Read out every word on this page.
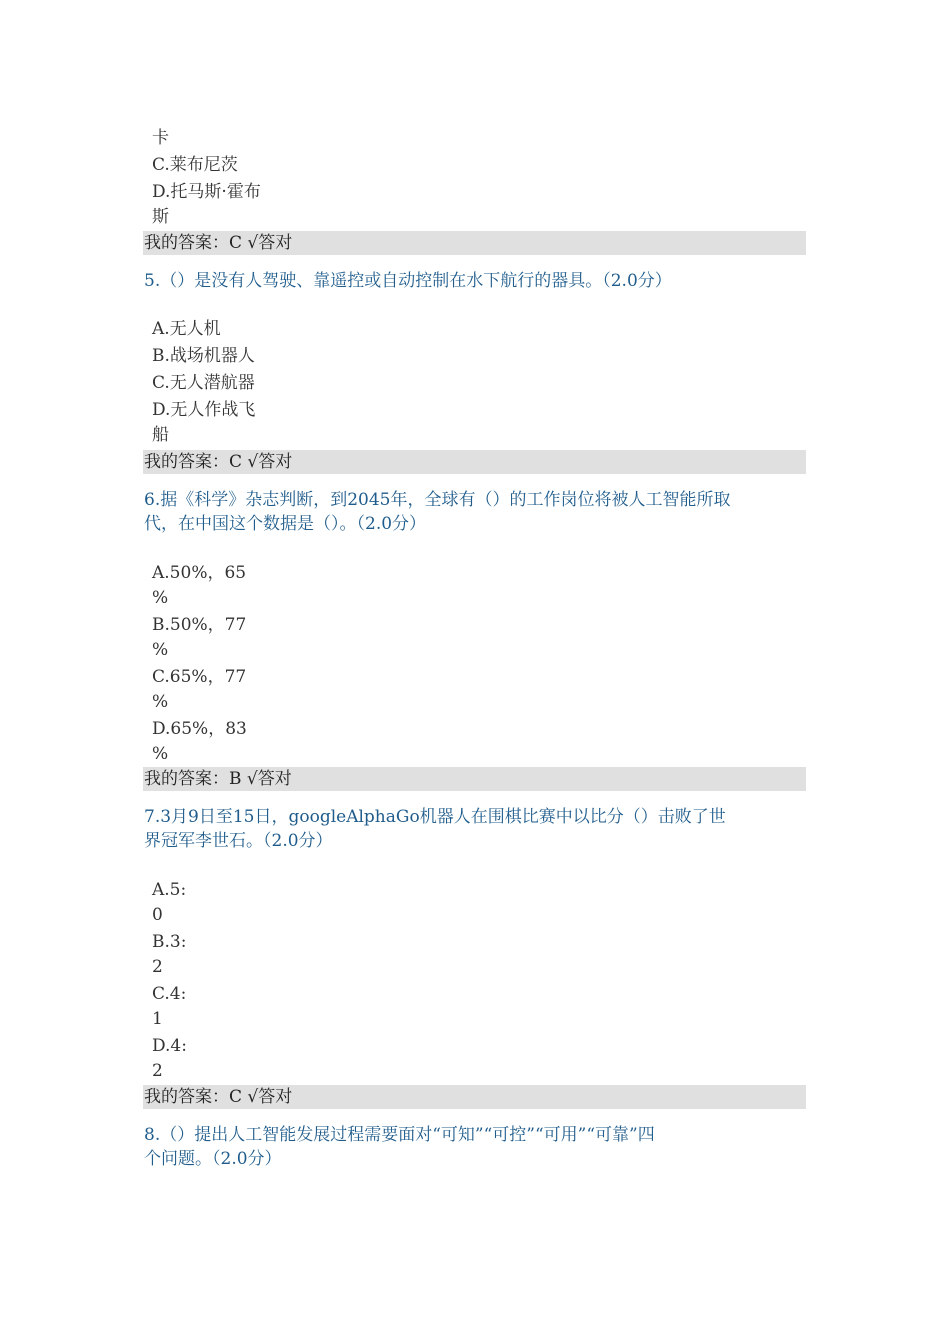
卡
C.莱布尼茨
D.托马斯·霍布
斯
我的答案：C √答对
5.（）是没有人驾驶、靠遥控或自动控制在水下航行的器具。（2.0分）
A.无人机
B.战场机器人
C.无人潜航器
D.无人作战飞
船
我的答案：C √答对
6.据《科学》杂志判断，到2045年，全球有（）的工作岗位将被人工智能所取
代，在中国这个数据是（）。（2.0分）
A.50%，65
%
B.50%，77
%
C.65%，77
%
D.65%，83
%
我的答案：B √答对
7.3月9日至15日，googleAlphaGo机器人在围棋比赛中以比分（）击败了世
界冠军李世石。（2.0分）
A.5:
0
B.3:
2
C.4:
1
D.4:
2
我的答案：C √答对
8.（）提出人工智能发展过程需要面对“可知”“可控”“可用”“可靠”四
个问题。（2.0分）
